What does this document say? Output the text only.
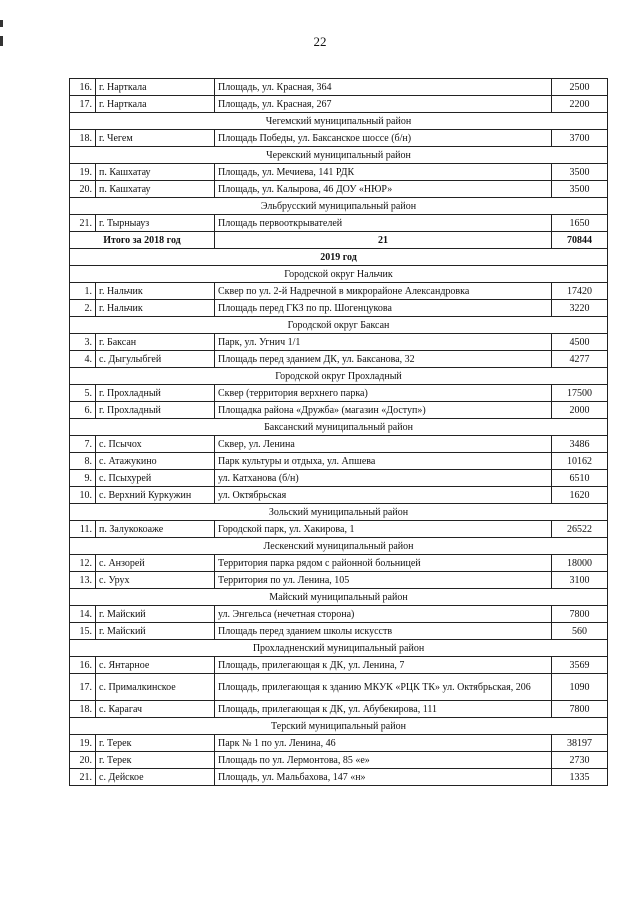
22
16.	г. Нарткала	Площадь, ул. Красная, 364	2500
17.	г. Нарткала	Площадь, ул. Красная, 267	2200
Чегемский муниципальный район			
18.	г. Чегем	Площадь Победы, ул. Баксанское шоссе (б/н)	3700
Черекский муниципальный район			
19.	п. Кашхатау	Площадь, ул. Мечиева, 141 РДК	3500
20.	п. Кашхатау	Площадь, ул. Калырова, 46 ДОУ «НЮР»	3500
Эльбрусский муниципальный район			
21.	г. Тырныауз	Площадь первооткрывателей	1650
Итого за 2018 год		21	70844
2019 год			
Городской округ Нальчик			
1.	г. Нальчик	Сквер по ул. 2-й Надречной в микрорайоне Александровка	17420
2.	г. Нальчик	Площадь перед ГКЗ по пр. Шогенцукова	3220
Городской округ Баксан			
3.	г. Баксан	Парк, ул. Угнич 1/1	4500
4.	с. Дыгулыбгей	Площадь перед зданием ДК, ул. Баксанова, 32	4277
Городской округ Прохладный			
5.	г. Прохладный	Сквер (территория верхнего парка)	17500
6.	г. Прохладный	Площадка района «Дружба» (магазин «Доступ»)	2000
Баксанский муниципальный район			
7.	с. Псычох	Сквер, ул. Ленина	3486
8.	с. Атажукино	Парк культуры и отдыха, ул. Апшева	10162
9.	с. Псыхурей	ул. Катханова (б/н)	6510
10.	с. Верхний Куркужин	ул. Октябрьская	1620
Зольский муниципальный район			
11.	п. Залукокоаже	Городской парк, ул. Хакирова, 1	26522
Лескенский муниципальный район			
12.	с. Анзорей	Территория парка рядом с районной больницей	18000
13.	с. Урух	Территория по ул. Ленина, 105	3100
Майский муниципальный район			
14.	г. Майский	ул. Энгельса (нечетная сторона)	7800
15.	г. Майский	Площадь перед зданием школы искусств	560
Прохладненский муниципальный район			
16.	с. Янтарное	Площадь, прилегающая к ДК, ул. Ленина, 7	3569
17.	с. Прималкинское	Площадь, прилегающая к зданию МКУК «РЦК ТК» ул. Октябрьская, 206	1090
18.	с. Карагач	Площадь, прилегающая к ДК, ул. Абубекирова, 111	7800
Терский муниципальный район			
19.	г. Терек	Парк № 1 по ул. Ленина, 46	38197
20.	г. Терек	Площадь по ул. Лермонтова, 85 «е»	2730
21.	с. Дейское	Площадь, ул. Мальбахова, 147 «н»	1335
